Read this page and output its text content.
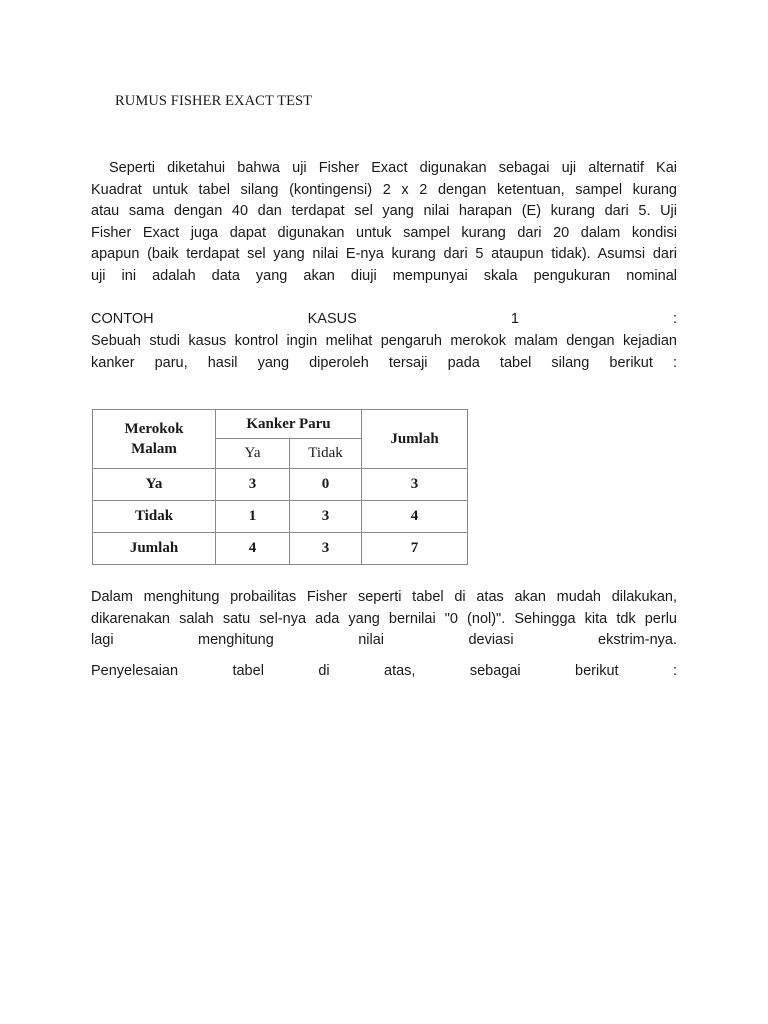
RUMUS FISHER EXACT TEST
Seperti diketahui bahwa uji Fisher Exact digunakan sebagai uji alternatif Kai
Kuadrat untuk tabel silang (kontingensi) 2 x 2 dengan ketentuan, sampel kurang
atau sama dengan 40 dan terdapat sel yang nilai harapan (E) kurang dari 5. Uji
Fisher Exact juga dapat digunakan untuk sampel kurang dari 20 dalam kondisi
apapun (baik terdapat sel yang nilai E-nya kurang dari 5 ataupun tidak). Asumsi dari
uji ini adalah data yang akan diuji mempunyai skala pengukuran nominal
CONTOH KASUS 1 :
Sebuah studi kasus kontrol ingin melihat pengaruh merokok malam dengan kejadian
kanker paru, hasil yang diperoleh tersaji pada tabel silang berikut :
Merokok Malam	Kanker Paru		Jumlah
	Ya	Tidak	
Ya	3	0	3
Tidak	1	3	4
Jumlah	4	3	7
Dalam menghitung probailitas Fisher seperti tabel di atas akan mudah dilakukan,
dikarenakan salah satu sel-nya ada yang bernilai "0 (nol)". Sehingga kita tdk perlu
lagi menghitung nilai deviasi ekstrim-nya.
Penyelesaian tabel di atas, sebagai berikut :
